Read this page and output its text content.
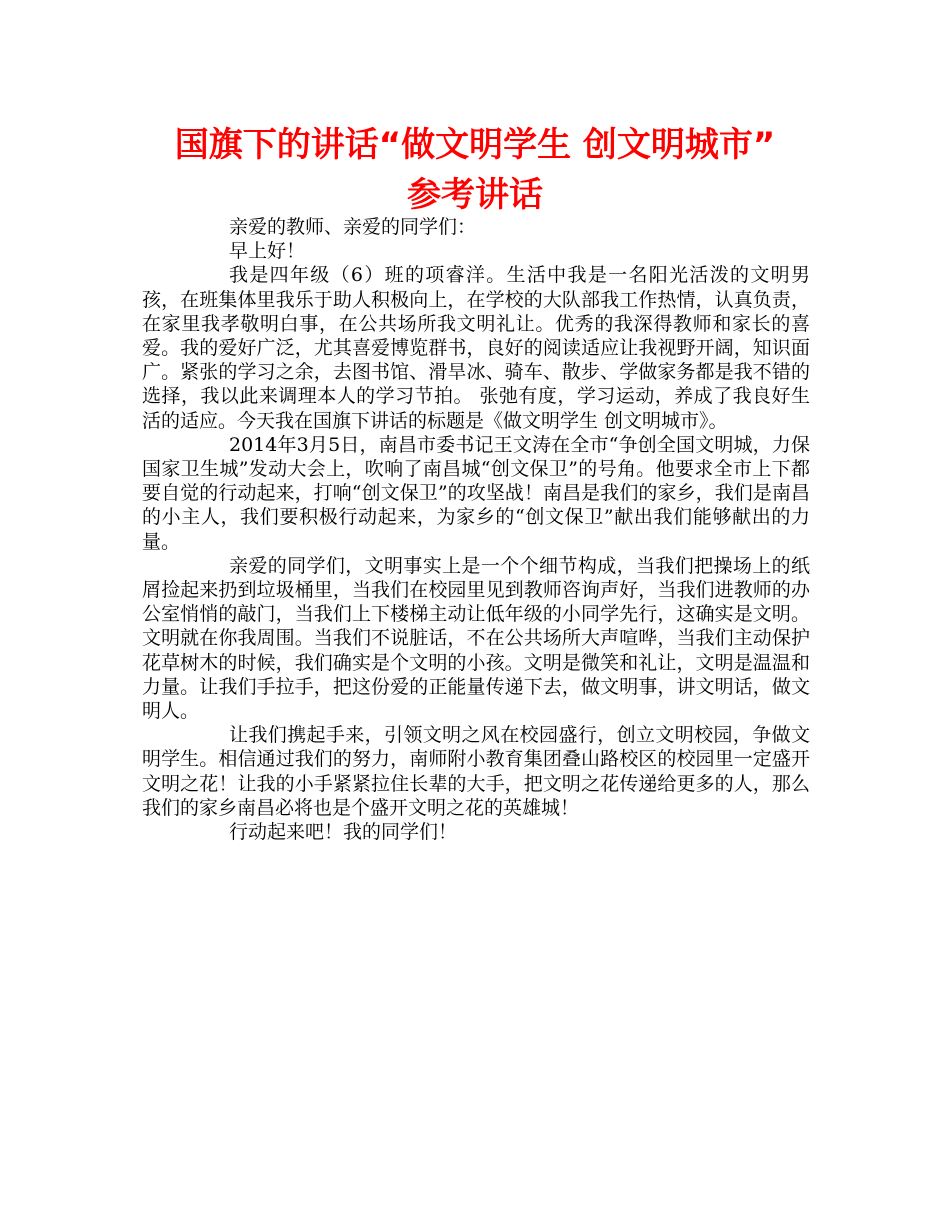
国旗下的讲话“做文明学生 创文明城市”
参考讲话

亲爱的教师、亲爱的同学们：

早上好！

我是四年级（6）班的项睿洋。生活中我是一名阳光活泼的文明男孩，在班集体里我乐于助人积极向上，在学校的大队部我工作热情，认真负责，在家里我孝敬明白事，在公共场所我文明礼让。优秀的我深得教师和家长的喜爱。我的爱好广泛，尤其喜爱博览群书，良好的阅读适应让我视野开阔，知识面广。紧张的学习之余，去图书馆、滑旱冰、骑车、散步、学做家务都是我不错的选择，我以此来调理本人的学习节拍。 张弛有度，学习运动，养成了我良好生活的适应。今天我在国旗下讲话的标题是《做文明学生 创文明城市》。

2014年3月5日，南昌市委书记王文涛在全市“争创全国文明城，力保国家卫生城”发动大会上，吹响了南昌城“创文保卫”的号角。他要求全市上下都要自觉的行动起来，打响“创文保卫”的攻坚战！南昌是我们的家乡，我们是南昌的小主人，我们要积极行动起来，为家乡的“创文保卫”献出我们能够献出的力量。

亲爱的同学们，文明事实上是一个个细节构成，当我们把操场上的纸屑捡起来扔到垃圾桶里，当我们在校园里见到教师咨询声好，当我们进教师的办公室悄悄的敲门，当我们上下楼梯主动让低年级的小同学先行，这确实是文明。文明就在你我周围。当我们不说脏话，不在公共场所大声喧哗，当我们主动保护花草树木的时候，我们确实是个文明的小孩。文明是微笑和礼让，文明是温温和力量。让我们手拉手，把这份爱的正能量传递下去，做文明事，讲文明话，做文明人。

让我们携起手来，引领文明之风在校园盛行，创立文明校园，争做文明学生。相信通过我们的努力，南师附小教育集团叠山路校区的校园里一定盛开文明之花！让我的小手紧紧拉住长辈的大手，把文明之花传递给更多的人，那么我们的家乡南昌必将也是个盛开文明之花的英雄城！

行动起来吧！我的同学们！
